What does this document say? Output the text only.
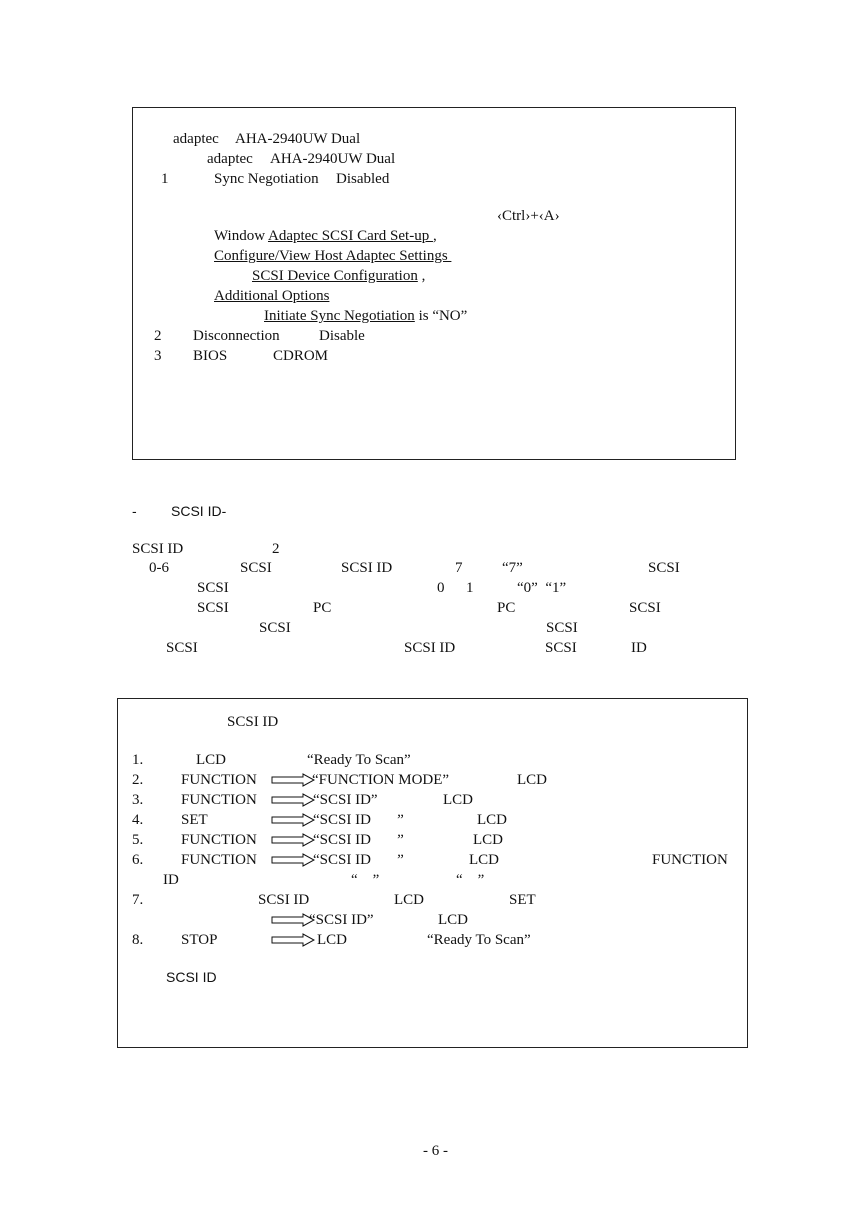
adaptec AHA-2940UW Dual
adaptec AHA-2940UW Dual
1	Sync Negotiation Disabled
‹Ctrl›+‹A›
Window Adaptec SCSI Card Set-up ,
Configure/View Host Adaptec Settings
SCSI Device Configuration ,
Additional Options
Initiate Sync Negotiation is “NO”
2 Disconnection	Disable
3 BIOS	CDROM
- SCSI ID-
SCSI ID	2
0-6	SCSI	SCSI ID	7	“7”	SCSI
SCSI	0 1	“0”  “1”
SCSI	PC	PC	SCSI
SCSI	SCSI
SCSI	SCSI ID	SCSI	ID
SCSI ID
1.	LCD	“Ready To Scan”
2.	FUNCTION	“FUNCTION MODE”	LCD
3.	FUNCTION	“SCSI ID”	LCD
4.	SET	“SCSI ID       ”	LCD
5.	FUNCTION	“SCSI ID       ”	LCD
6.	FUNCTION	“SCSI ID       ”	LCD	FUNCTION
ID	“    ”	“    ”
7.	SCSI ID	LCD	SET
“SCSI ID”	LCD
8.	STOP	LCD	“Ready To Scan”
SCSI ID
- 6 -
